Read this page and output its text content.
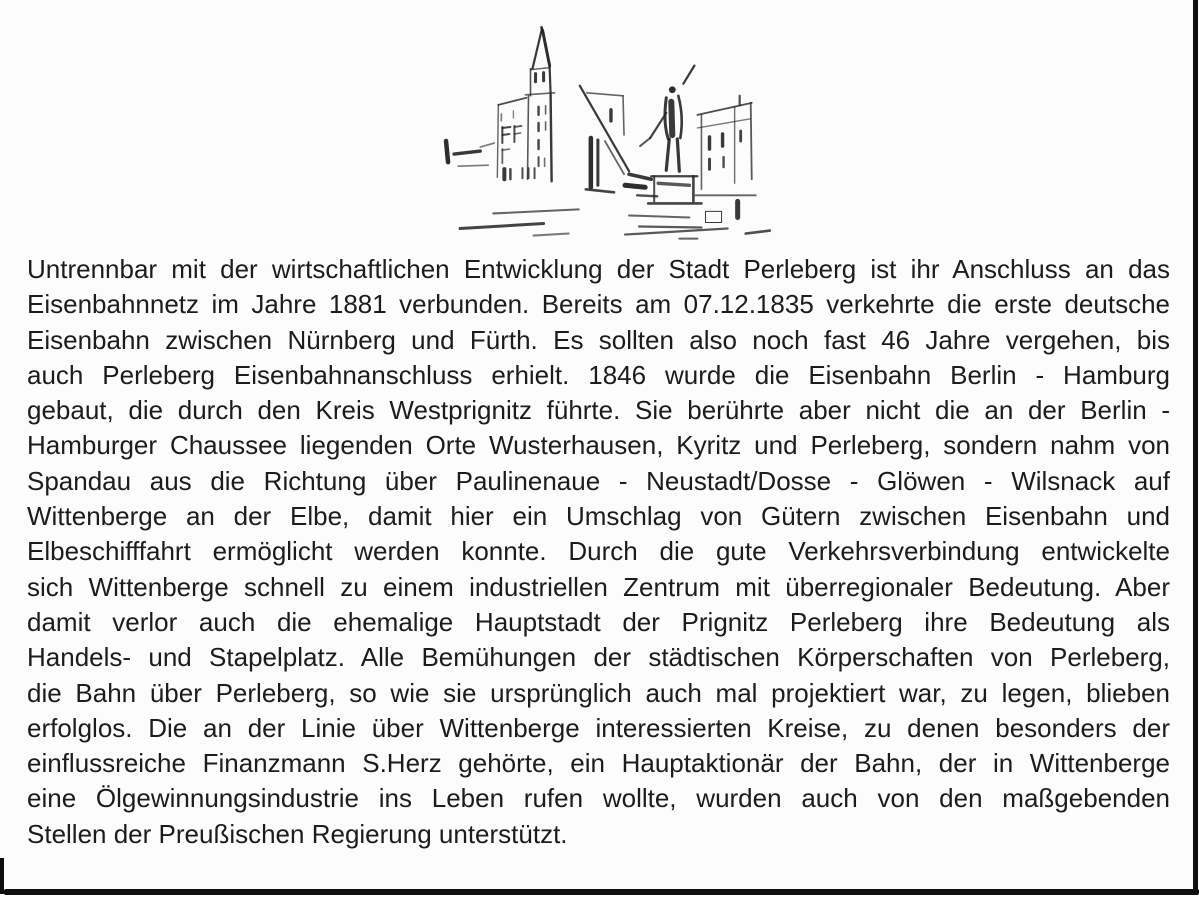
Untrennbar mit der wirtschaftlichen Entwicklung der Stadt Perleberg ist ihr Anschluss an das
Eisenbahnnetz im Jahre 1881 verbunden. Bereits am 07.12.1835 verkehrte die erste deutsche
Eisenbahn zwischen Nürnberg und Fürth. Es sollten also noch fast 46 Jahre vergehen, bis
auch Perleberg Eisenbahnanschluss erhielt. 1846 wurde die Eisenbahn Berlin - Hamburg
gebaut, die durch den Kreis Westprignitz führte. Sie berührte aber nicht die an der Berlin -
Hamburger Chaussee liegenden Orte Wusterhausen, Kyritz und Perleberg, sondern nahm von
Spandau aus die Richtung über Paulinenaue - Neustadt/Dosse - Glöwen - Wilsnack auf
Wittenberge an der Elbe, damit hier ein Umschlag von Gütern zwischen Eisenbahn und
Elbeschifffahrt ermöglicht werden konnte. Durch die gute Verkehrsverbindung entwickelte
sich Wittenberge schnell zu einem industriellen Zentrum mit überregionaler Bedeutung. Aber
damit verlor auch die ehemalige Hauptstadt der Prignitz Perleberg ihre Bedeutung als
Handels- und Stapelplatz. Alle Bemühungen der städtischen Körperschaften von Perleberg,
die Bahn über Perleberg, so wie sie ursprünglich auch mal projektiert war, zu legen, blieben
erfolglos. Die an der Linie über Wittenberge interessierten Kreise, zu denen besonders der
einflussreiche Finanzmann S.Herz gehörte, ein Hauptaktionär der Bahn, der in Wittenberge
eine Ölgewinnungsindustrie ins Leben rufen wollte, wurden auch von den maßgebenden
Stellen der Preußischen Regierung unterstützt.
